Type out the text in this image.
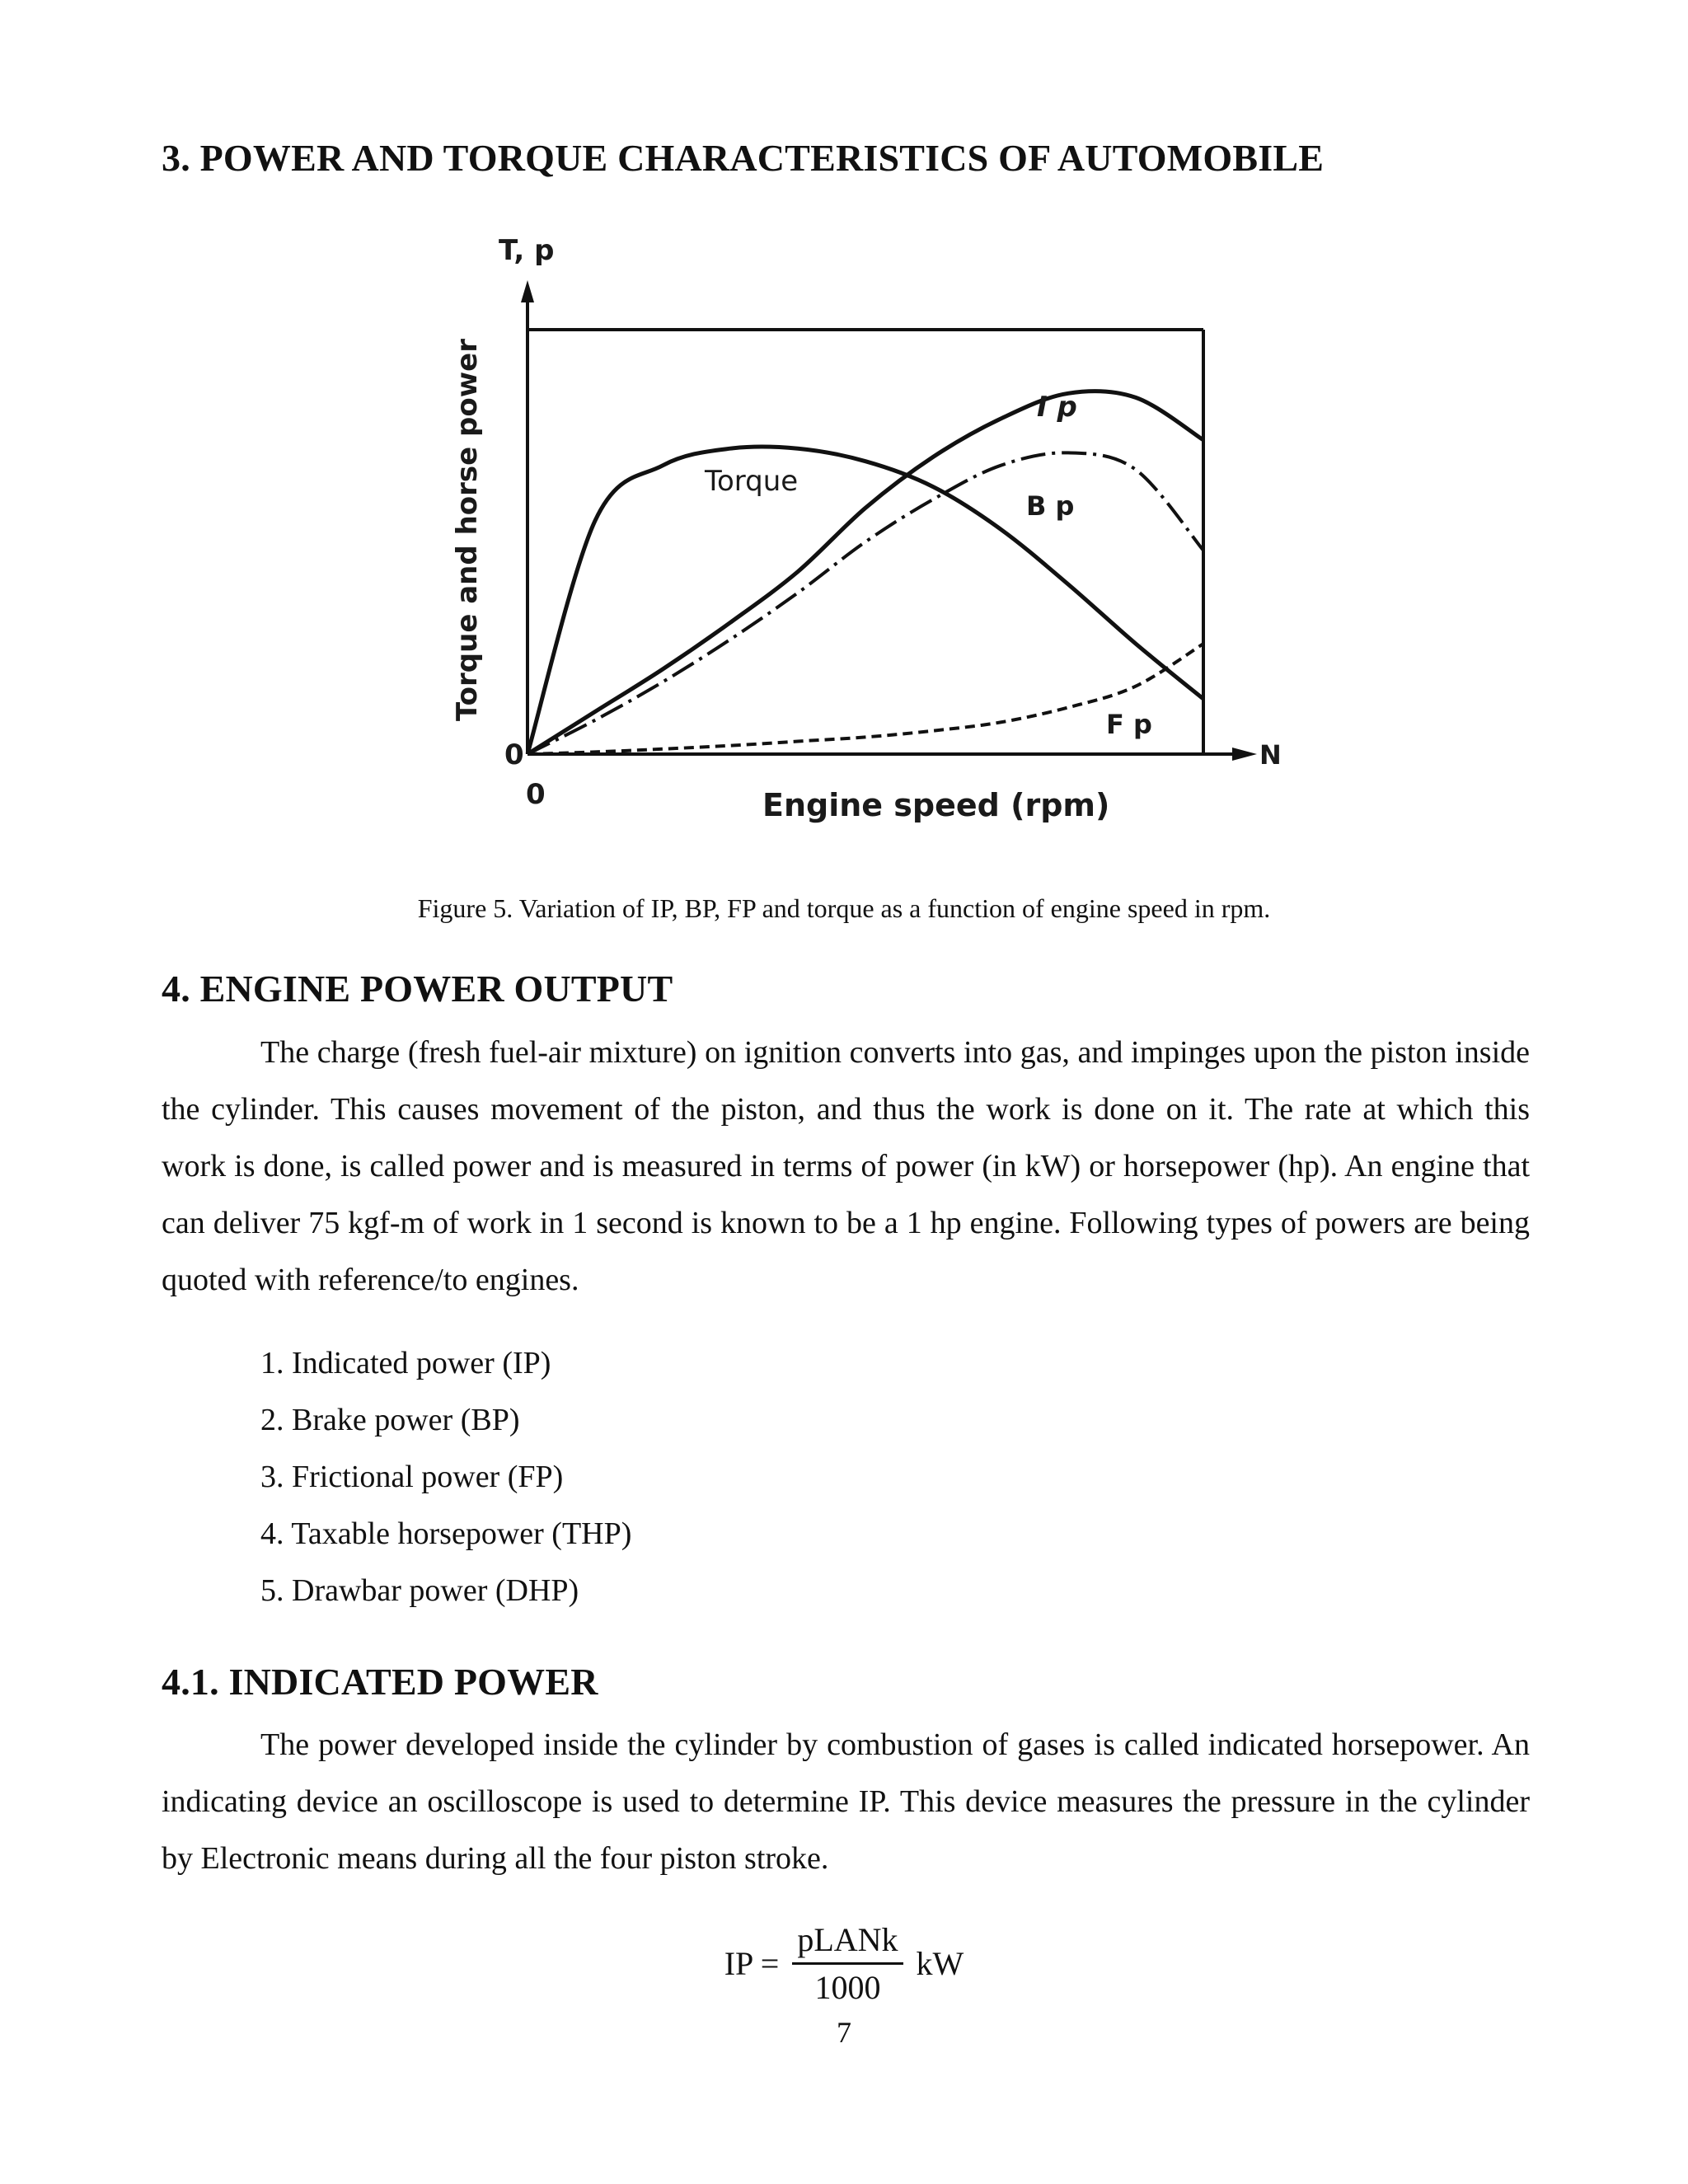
3. POWER AND TORQUE CHARACTERISTICS OF AUTOMOBILE
T, p
Torque and horse power
0
0	Engine speed (rpm)
N
Torque
I p
B p
F p
Figure 5. Variation of IP, BP, FP and torque as a function of engine speed in rpm.
4. ENGINE POWER OUTPUT

The charge (fresh fuel-air mixture) on ignition converts into gas, and impinges upon the piston inside the cylinder. This causes movement of the piston, and thus the work is done on it. The rate at which this work is done, is called power and is measured in terms of power (in kW) or horsepower (hp). An engine that can deliver 75 kgf-m of work in 1 second is known to be a 1 hp engine. Following types of powers are being quoted with reference/to engines.

1. Indicated power (IP)
2. Brake power (BP)
3. Frictional power (FP)
4. Taxable horsepower (THP)
5. Drawbar power (DHP)
4.1. INDICATED POWER

The power developed inside the cylinder by combustion of gases is called indicated horsepower. An indicating device an oscilloscope is used to determine IP. This device measures the pressure in the cylinder by Electronic means during all the four piston stroke.

IP = $\frac{\text{pLANk}}{1000}$ kW
7
